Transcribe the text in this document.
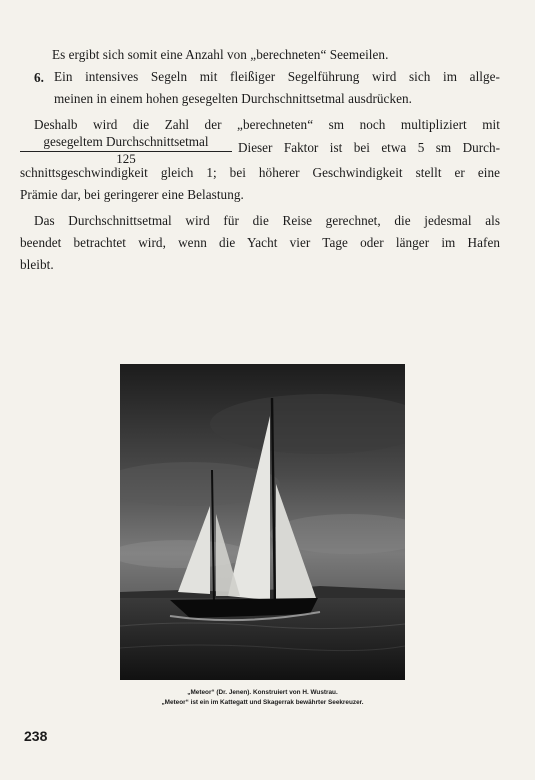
Es ergibt sich somit eine Anzahl von „berechneten“ Seemeilen.
6. Ein intensives Segeln mit fleißiger Segelführung wird sich im allge-
meinen in einem hohen gesegelten Durchschnittsetmal ausdrücken.
Deshalb wird die Zahl der „berechneten“ sm noch multipliziert mit
gesegeltem Durchschnittsetmal
125
Dieser Faktor ist bei etwa 5 sm Durch-
schnittsgeschwindigkeit gleich 1; bei höherer Geschwindigkeit stellt er eine
Prämie dar, bei geringerer eine Belastung.
Das Durchschnittsetmal wird für die Reise gerechnet, die jedesmal als
beendet betrachtet wird, wenn die Yacht vier Tage oder länger im Hafen
bleibt.
„Meteor“ (Dr. Jenen). Konstruiert von H. Wustrau.
„Meteor“ ist ein im Kattegatt und Skagerrak bewährter Seekreuzer.
238
